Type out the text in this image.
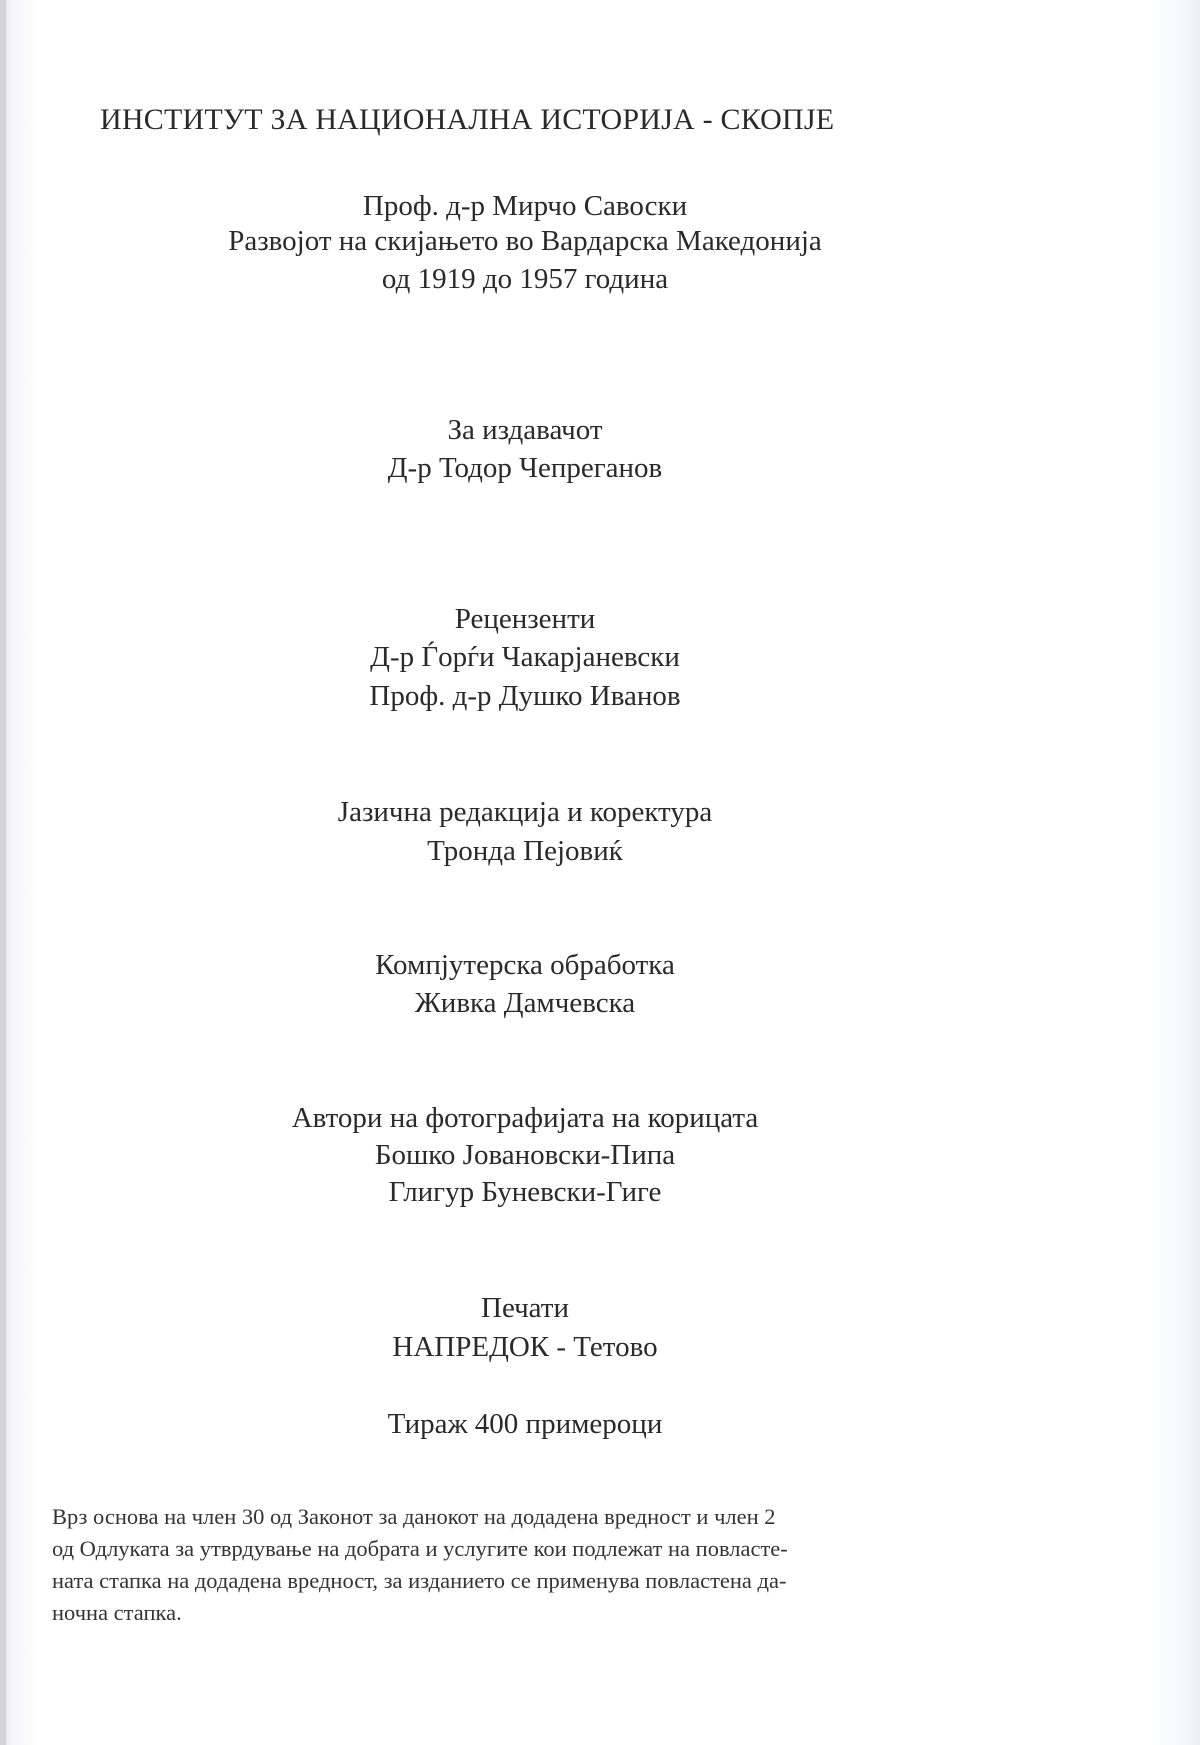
ИНСТИТУТ ЗА НАЦИОНАЛНА ИСТОРИЈА - СКОПЈЕ
Проф. д-р Мирчо Савоски
Развојот на скијањето во Вардарска Македонија
од 1919 до 1957 година
За издавачот
Д-р Тодор Чепреганов
Рецензенти
Д-р Ѓорѓи Чакарјаневски
Проф. д-р Душко Иванов
Јазична редакција и коректура
Тронда Пејовиќ
Компјутерска обработка
Живка Дамчевска
Автори на фотографијата на корицата
Бошко Јовановски-Пипа
Глигур Буневски-Гиге
Печати
НАПРЕДОК - Тетово
Тираж 400 примероци
Врз основа на член 30 од Законот за данокот на додадена вредност и член 2
од Одлуката за утврдување на добрата и услугите кои подлежат на повласте-
ната стапка на додадена вредност, за изданието се применува повластена да-
ночна стапка.
